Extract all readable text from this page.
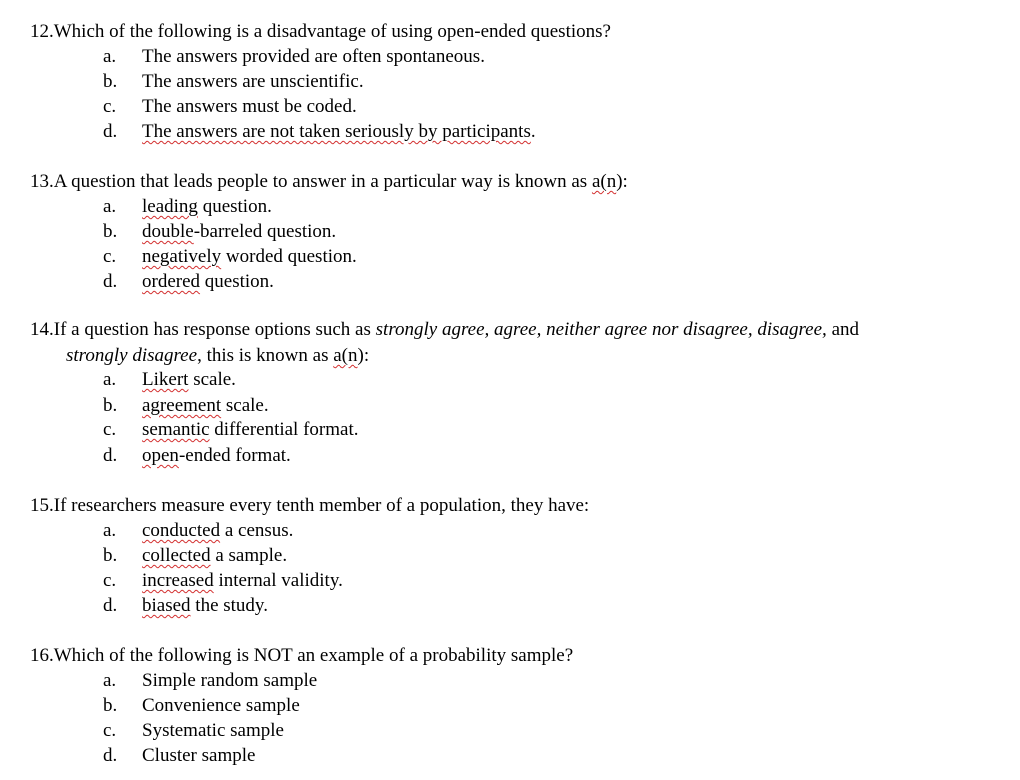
12.Which of the following is a disadvantage of using open-ended questions?
a.	The answers provided are often spontaneous.
b.	The answers are unscientific.
c.	The answers must be coded.
d.	The answers are not taken seriously by participants.
13.A question that leads people to answer in a particular way is known as a(n):
a.	leading question.
b.	double-barreled question.
c.	negatively worded question.
d.	ordered question.
14.If a question has response options such as strongly agree, agree, neither agree nor disagree, disagree, and
strongly disagree, this is known as a(n):
a.	Likert scale.
b.	agreement scale.
c.	semantic differential format.
d.	open-ended format.
15.If researchers measure every tenth member of a population, they have:
a.	conducted a census.
b.	collected a sample.
c.	increased internal validity.
d.	biased the study.
16.Which of the following is NOT an example of a probability sample?
a.	Simple random sample
b.	Convenience sample
c.	Systematic sample
d.	Cluster sample
